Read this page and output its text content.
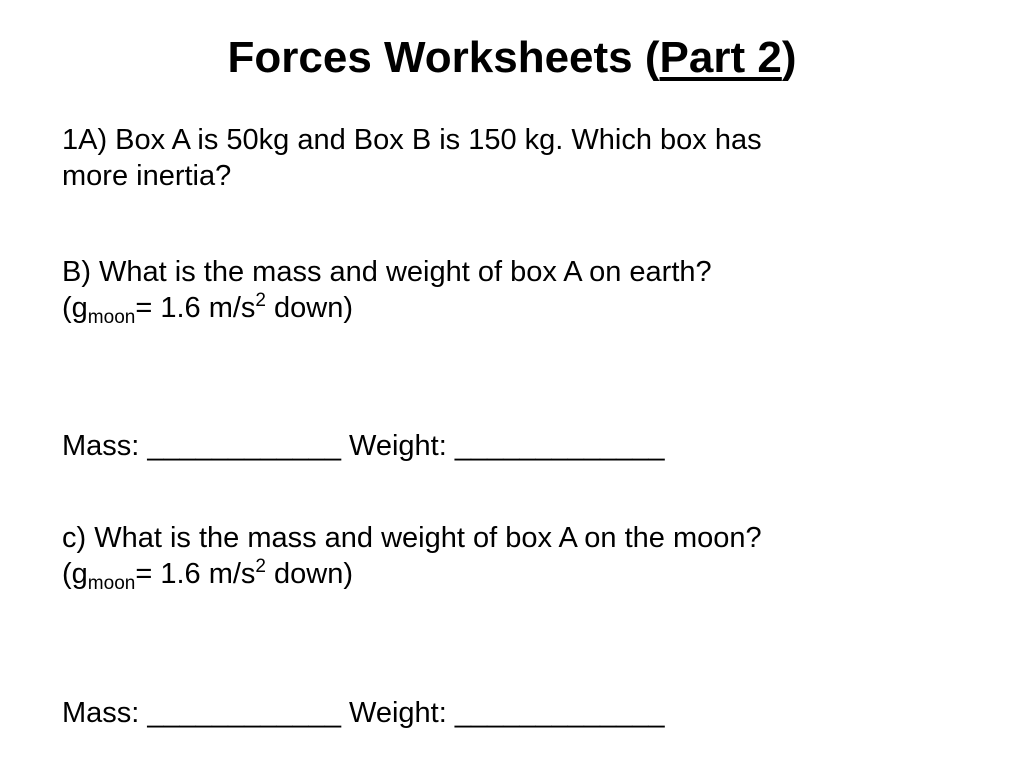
Forces Worksheets (Part 2)
1A) Box A is 50kg and Box B is 150 kg. Which box has
more inertia?
B) What is the mass and weight of box A on earth?
($g_{moon}= 1.6$ $m/s^2$ down)
Mass: ____________ Weight: _____________
c) What is the mass and weight of box A on the moon?
($g_{moon}= 1.6$ $m/s^2$ down)
Mass: ____________ Weight: _____________
